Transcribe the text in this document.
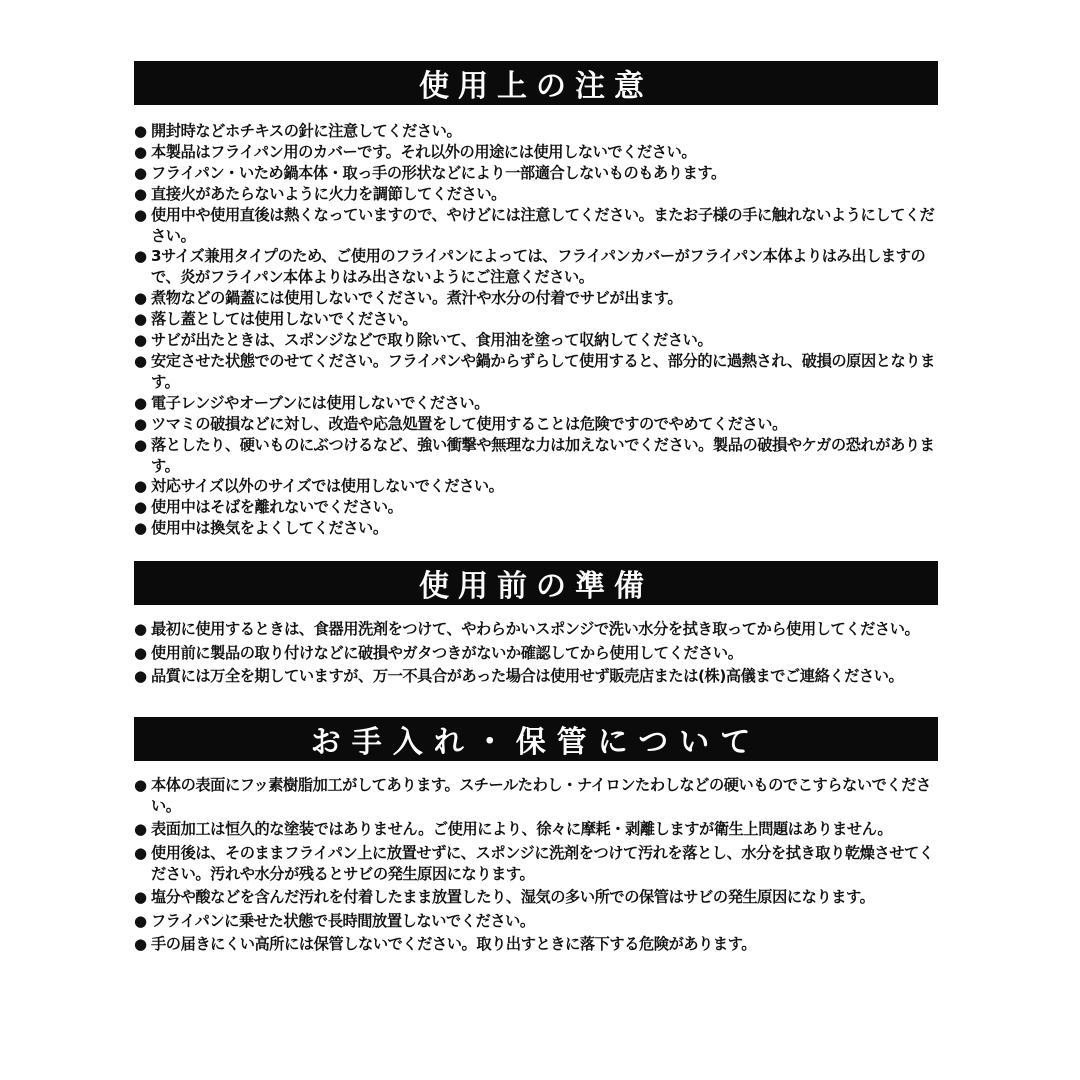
使用上の注意
● 開封時などホチキスの針に注意してください。
● 本製品はフライパン用のカバーです。それ以外の用途には使用しないでください。
● フライパン・いため鍋本体・取っ手の形状などにより一部適合しないものもあります。
● 直接火があたらないように火力を調節してください。
● 使用中や使用直後は熱くなっていますので、やけどには注意してください。またお子様の手に触れないようにしてください。
● 3サイズ兼用タイプのため、ご使用のフライパンによっては、フライパンカバーがフライパン本体よりはみ出しますので、炎がフライパン本体よりはみ出さないようにご注意ください。
● 煮物などの鍋蓋には使用しないでください。煮汁や水分の付着でサビが出ます。
● 落し蓋としては使用しないでください。
● サビが出たときは、スポンジなどで取り除いて、食用油を塗って収納してください。
● 安定させた状態でのせてください。フライパンや鍋からずらして使用すると、部分的に過熱され、破損の原因となります。
● 電子レンジやオーブンには使用しないでください。
● ツマミの破損などに対し、改造や応急処置をして使用することは危険ですのでやめてください。
● 落としたり、硬いものにぶつけるなど、強い衝撃や無理な力は加えないでください。製品の破損やケガの恐れがあります。
● 対応サイズ以外のサイズでは使用しないでください。
● 使用中はそばを離れないでください。
● 使用中は換気をよくしてください。
使用前の準備
● 最初に使用するときは、食器用洗剤をつけて、やわらかいスポンジで洗い水分を拭き取ってから使用してください。
● 使用前に製品の取り付けなどに破損やガタつきがないか確認してから使用してください。
● 品質には万全を期していますが、万一不具合があった場合は使用せず販売店または(株)高儀までご連絡ください。
お手入れ・保管について
● 本体の表面にフッ素樹脂加工がしてあります。スチールたわし・ナイロンたわしなどの硬いものでこすらないでください。
● 表面加工は恒久的な塗装ではありません。ご使用により、徐々に摩耗・剥離しますが衛生上問題はありません。
● 使用後は、そのままフライパン上に放置せずに、スポンジに洗剤をつけて汚れを落とし、水分を拭き取り乾燥させてください。汚れや水分が残るとサビの発生原因になります。
● 塩分や酸などを含んだ汚れを付着したまま放置したり、湿気の多い所での保管はサビの発生原因になります。
● フライパンに乗せた状態で長時間放置しないでください。
● 手の届きにくい高所には保管しないでください。取り出すときに落下する危険があります。
